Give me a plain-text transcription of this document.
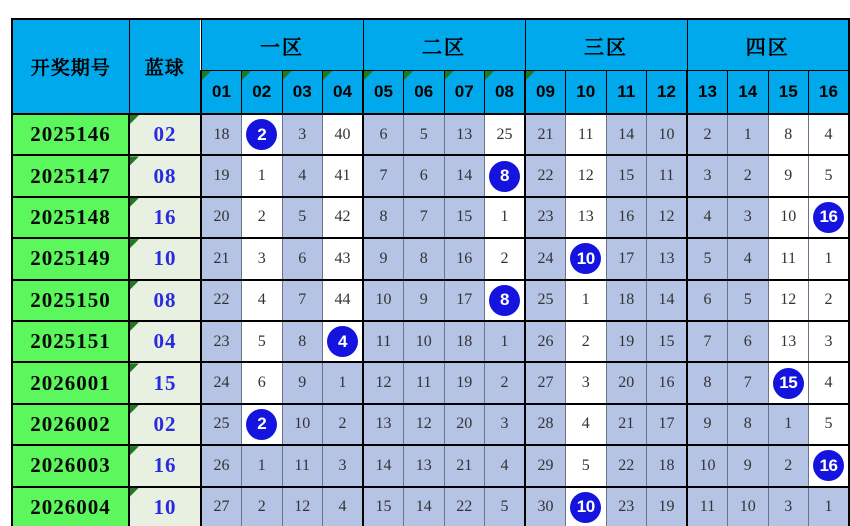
开奖期号	蓝球	一区				二区				三区				四区			

01	02	03	04	05	06	07	08	09	10	11	12	13	14	15	16
2025146	02	18	2	3	40	6	5	13	25	21	11	14	10	2	1	8	4
2025147	08	19	1	4	41	7	6	14	8	22	12	15	11	3	2	9	5
2025148	16	20	2	5	42	8	7	15	1	23	13	16	12	4	3	10	16
2025149	10	21	3	6	43	9	8	16	2	24	10	17	13	5	4	11	1
2025150	08	22	4	7	44	10	9	17	8	25	1	18	14	6	5	12	2
2025151	04	23	5	8	4	11	10	18	1	26	2	19	15	7	6	13	3
2026001	15	24	6	9	1	12	11	19	2	27	3	20	16	8	7	15	4
2026002	02	25	2	10	2	13	12	20	3	28	4	21	17	9	8	1	5
2026003	16	26	1	11	3	14	13	21	4	29	5	22	18	10	9	2	16
2026004	10	27	2	12	4	15	14	22	5	30	10	23	19	11	10	3	1
